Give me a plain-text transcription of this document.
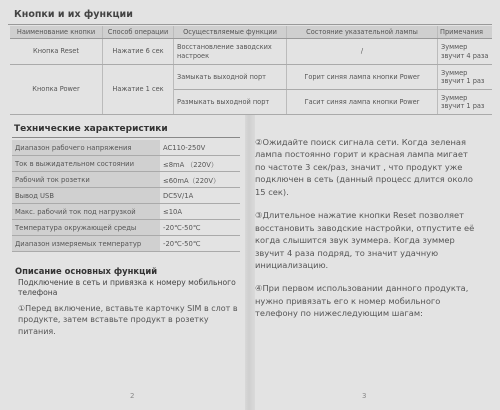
Кнопки и их функции
Наименование кнопки	Способ операции	Осуществляемые функции	Состояние указательной лампы	Примечания
Кнопка Reset	Нажатие 6 сек	Восстановление заводских настроек	/	Зуммер звучит 4 раза
Кнопка Power	Нажатие 1 сек	Замыкать выходной порт	Горит синяя лампа кнопки Power	Зуммер звучит 1 раз
		Размыкать выходной порт	Гасит синяя лампа кнопки Power	Зуммер звучит 1 раз
Технические характеристики
Диапазон рабочего напряжения	AC110-250V
Ток в выжидательном состоянии	≤8mA （220V）
Рабочий ток розетки	≤60mA（220V）
Вывод USB	DC5V/1A
Макс. рабочий ток под нагрузкой	≤10A
Температура окружающей среды	-20℃-50℃
Диапазон измеряемых температур	-20℃-50℃
Описание основных функций
Подключение в сеть и привязка к номеру мобильного телефона
①Перед включение, вставьте карточку SIM в слот в продукте, затем вставьте продукт в розетку питания.

②Ожидайте поиск сигнала сети. Когда зеленая лампа постоянно горит и красная лампа мигает по частоте 3 сек/раз, значит , что продукт уже подключен в сеть (данный процесс длится около 15 сек).

③Длительное нажатие кнопки Reset позволяет восстановить заводские настройки, отпустите её когда слышится звук зуммера. Когда зуммер звучит 4 раза подряд, то значит удачную инициализацию.

④При первом использовании данного продукта, нужно привязать его к номер мобильного телефону по нижеследующим шагам:

2	3
